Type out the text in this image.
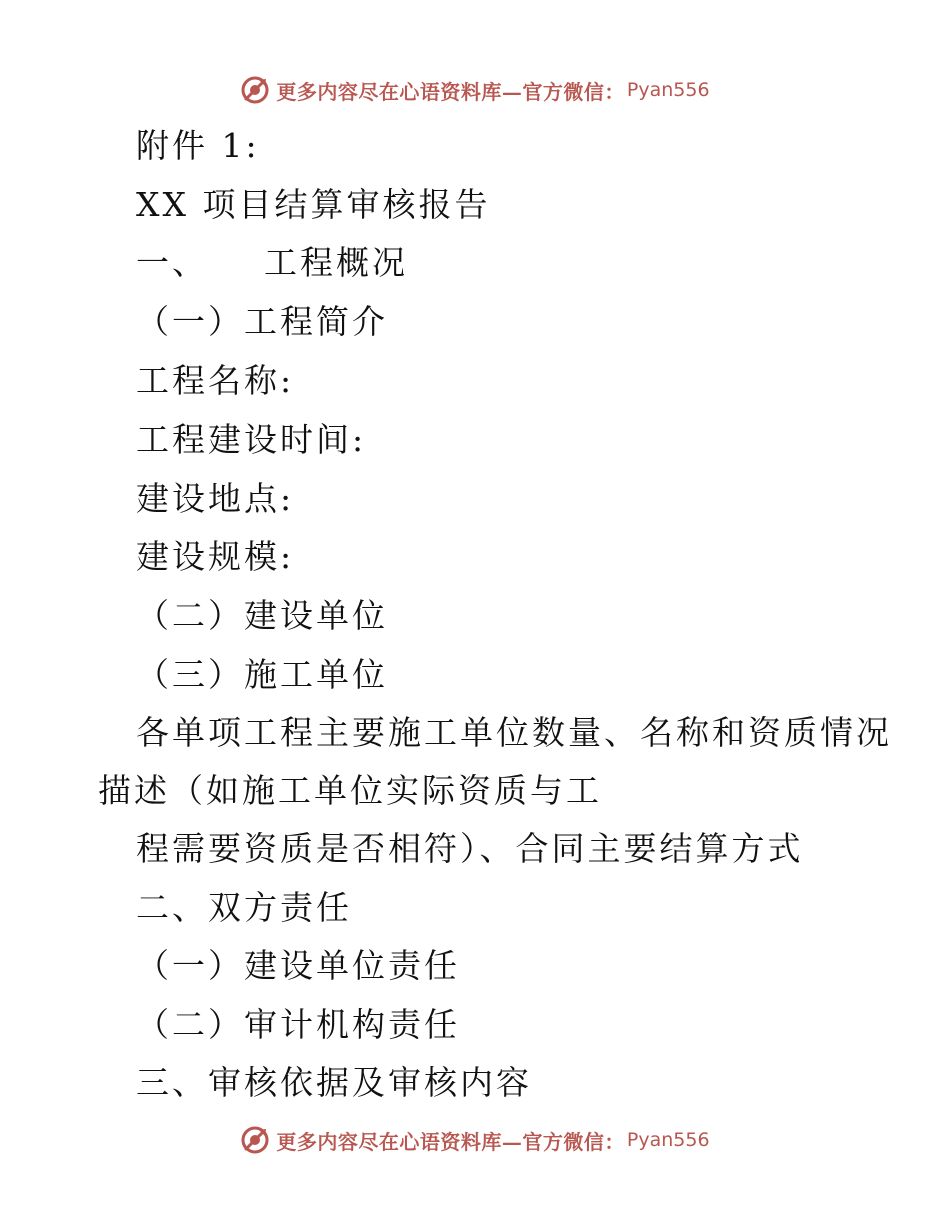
更多内容尽在心语资料库—官方微信： Pyan556
附件 1:
XX 项目结算审核报告
一、 工程概况
（一）工程简介
工程名称:
工程建设时间:
建设地点:
建设规模:
（二）建设单位
（三）施工单位
各单项工程主要施工单位数量、名称和资质情况
描述（如施工单位实际资质与工
程需要资质是否相符）、合同主要结算方式
二、双方责任
（一）建设单位责任
（二）审计机构责任
三、审核依据及审核内容
更多内容尽在心语资料库—官方微信： Pyan556
